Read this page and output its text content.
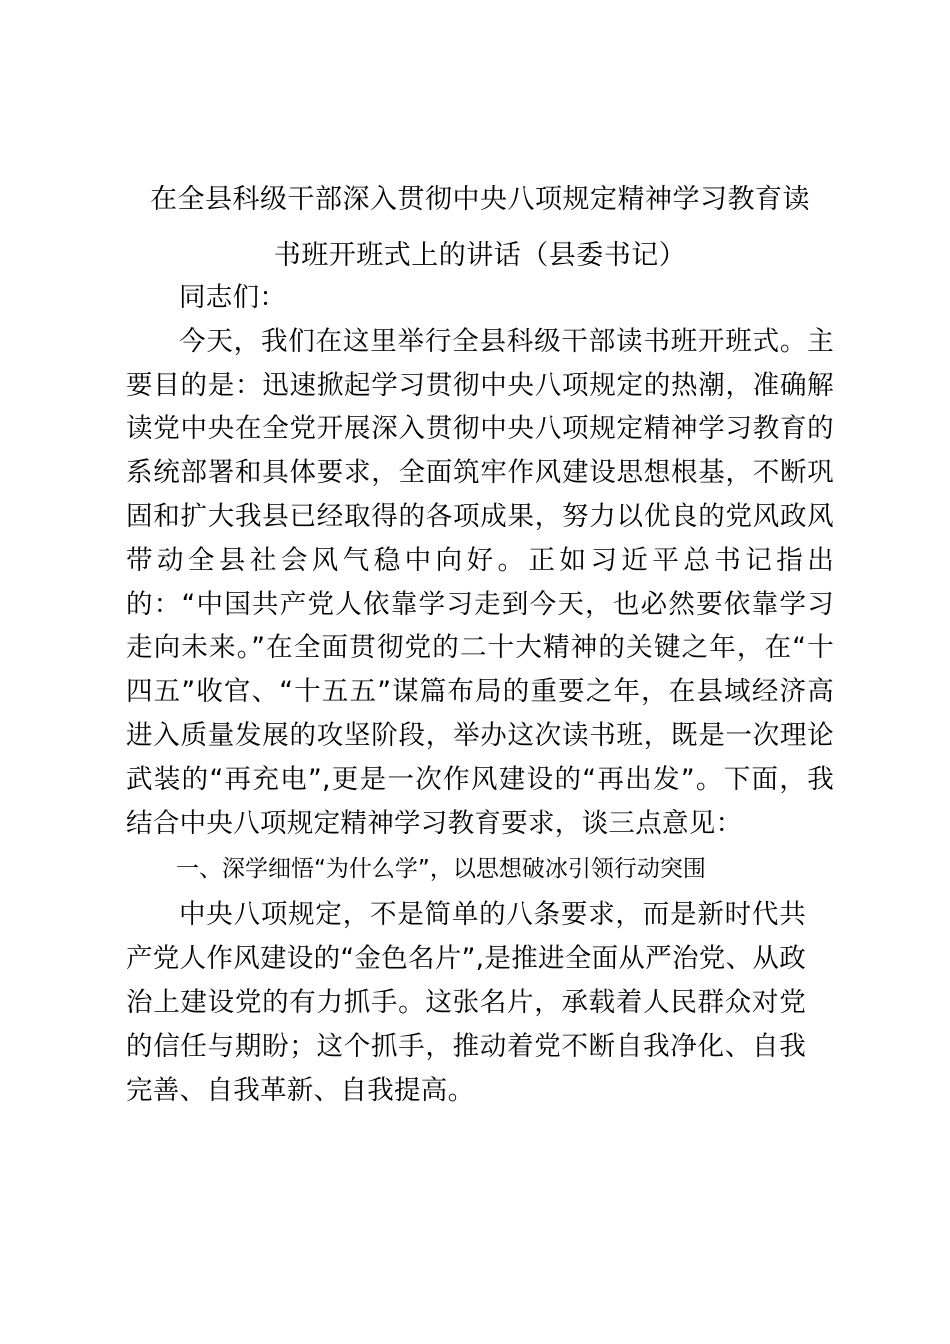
在全县科级干部深入贯彻中央八项规定精神学习教育读
书班开班式上的讲话（县委书记）

同志们：

今天，我们在这里举行全县科级干部读书班开班式。主要目的是：迅速掀起学习贯彻中央八项规定的热潮，准确解读党中央在全党开展深入贯彻中央八项规定精神学习教育的系统部署和具体要求，全面筑牢作风建设思想根基，不断巩固和扩大我县已经取得的各项成果，努力以优良的党风政风带动全县社会风气稳中向好。正如习近平总书记指出的：“中国共产党人依靠学习走到今天，也必然要依靠学习走向未来。”在全面贯彻党的二十大精神的关键之年，在“十四五”收官、“十五五”谋篇布局的重要之年，在县域经济高进入质量发展的攻坚阶段，举办这次读书班，既是一次理论武装的“再充电”,更是一次作风建设的“再出发”。下面，我结合中央八项规定精神学习教育要求，谈三点意见：

一、深学细悟“为什么学”，以思想破冰引领行动突围

中央八项规定，不是简单的八条要求，而是新时代共产党人作风建设的“金色名片”,是推进全面从严治党、从政治上建设党的有力抓手。这张名片，承载着人民群众对党的信任与期盼；这个抓手，推动着党不断自我净化、自我完善、自我革新、自我提高。
